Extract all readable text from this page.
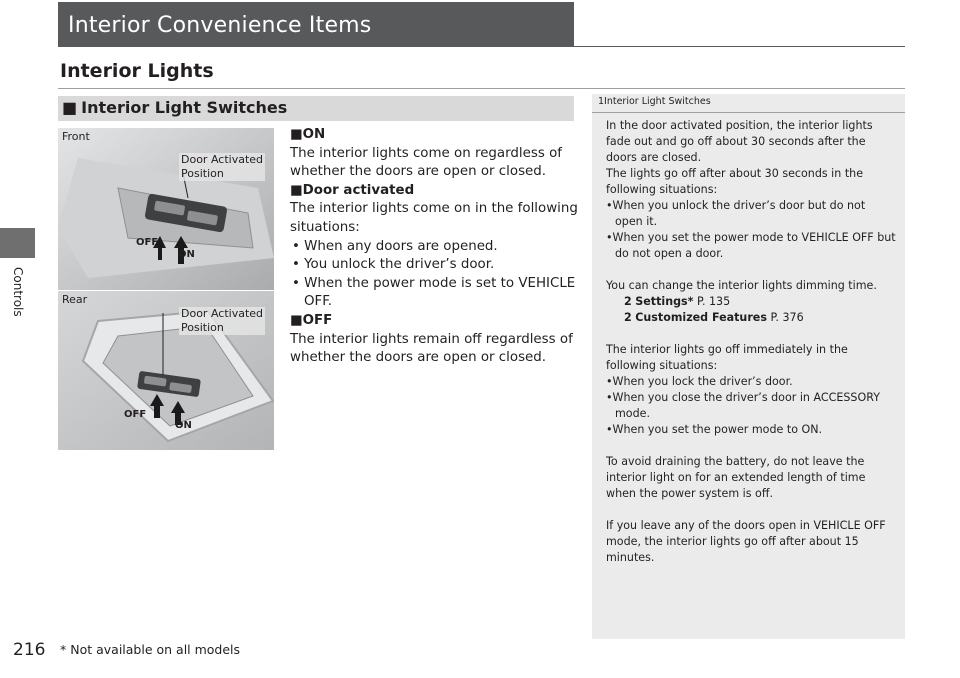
Controls
Interior Convenience Items
Interior Lights
■ Interior Light Switches
Front
Door Activated
Position
OFF
ON
Rear
Door Activated
Position
OFF
ON
■ON
The interior lights come on regardless of whether the doors are open or closed.
■Door activated
The interior lights come on in the following situations:
• When any doors are opened.
• You unlock the driver’s door.
• When the power mode is set to VEHICLE OFF.
■OFF
The interior lights remain off regardless of whether the doors are open or closed.
1Interior Light Switches

In the door activated position, the interior lights fade out and go off about 30 seconds after the doors are closed.

The lights go off after about 30 seconds in the following situations:

•When you unlock the driver’s door but do not open it.

•When you set the power mode to VEHICLE OFF but do not open a door.

You can change the interior lights dimming time.

2 Settings* P. 135

2 Customized Features P. 376

The interior lights go off immediately in the following situations:

•When you lock the driver’s door.

•When you close the driver’s door in ACCESSORY mode.

•When you set the power mode to ON.

To avoid draining the battery, do not leave the interior light on for an extended length of time when the power system is off.

If you leave any of the doors open in VEHICLE OFF mode, the interior lights go off after about 15 minutes.

216 * Not available on all models
